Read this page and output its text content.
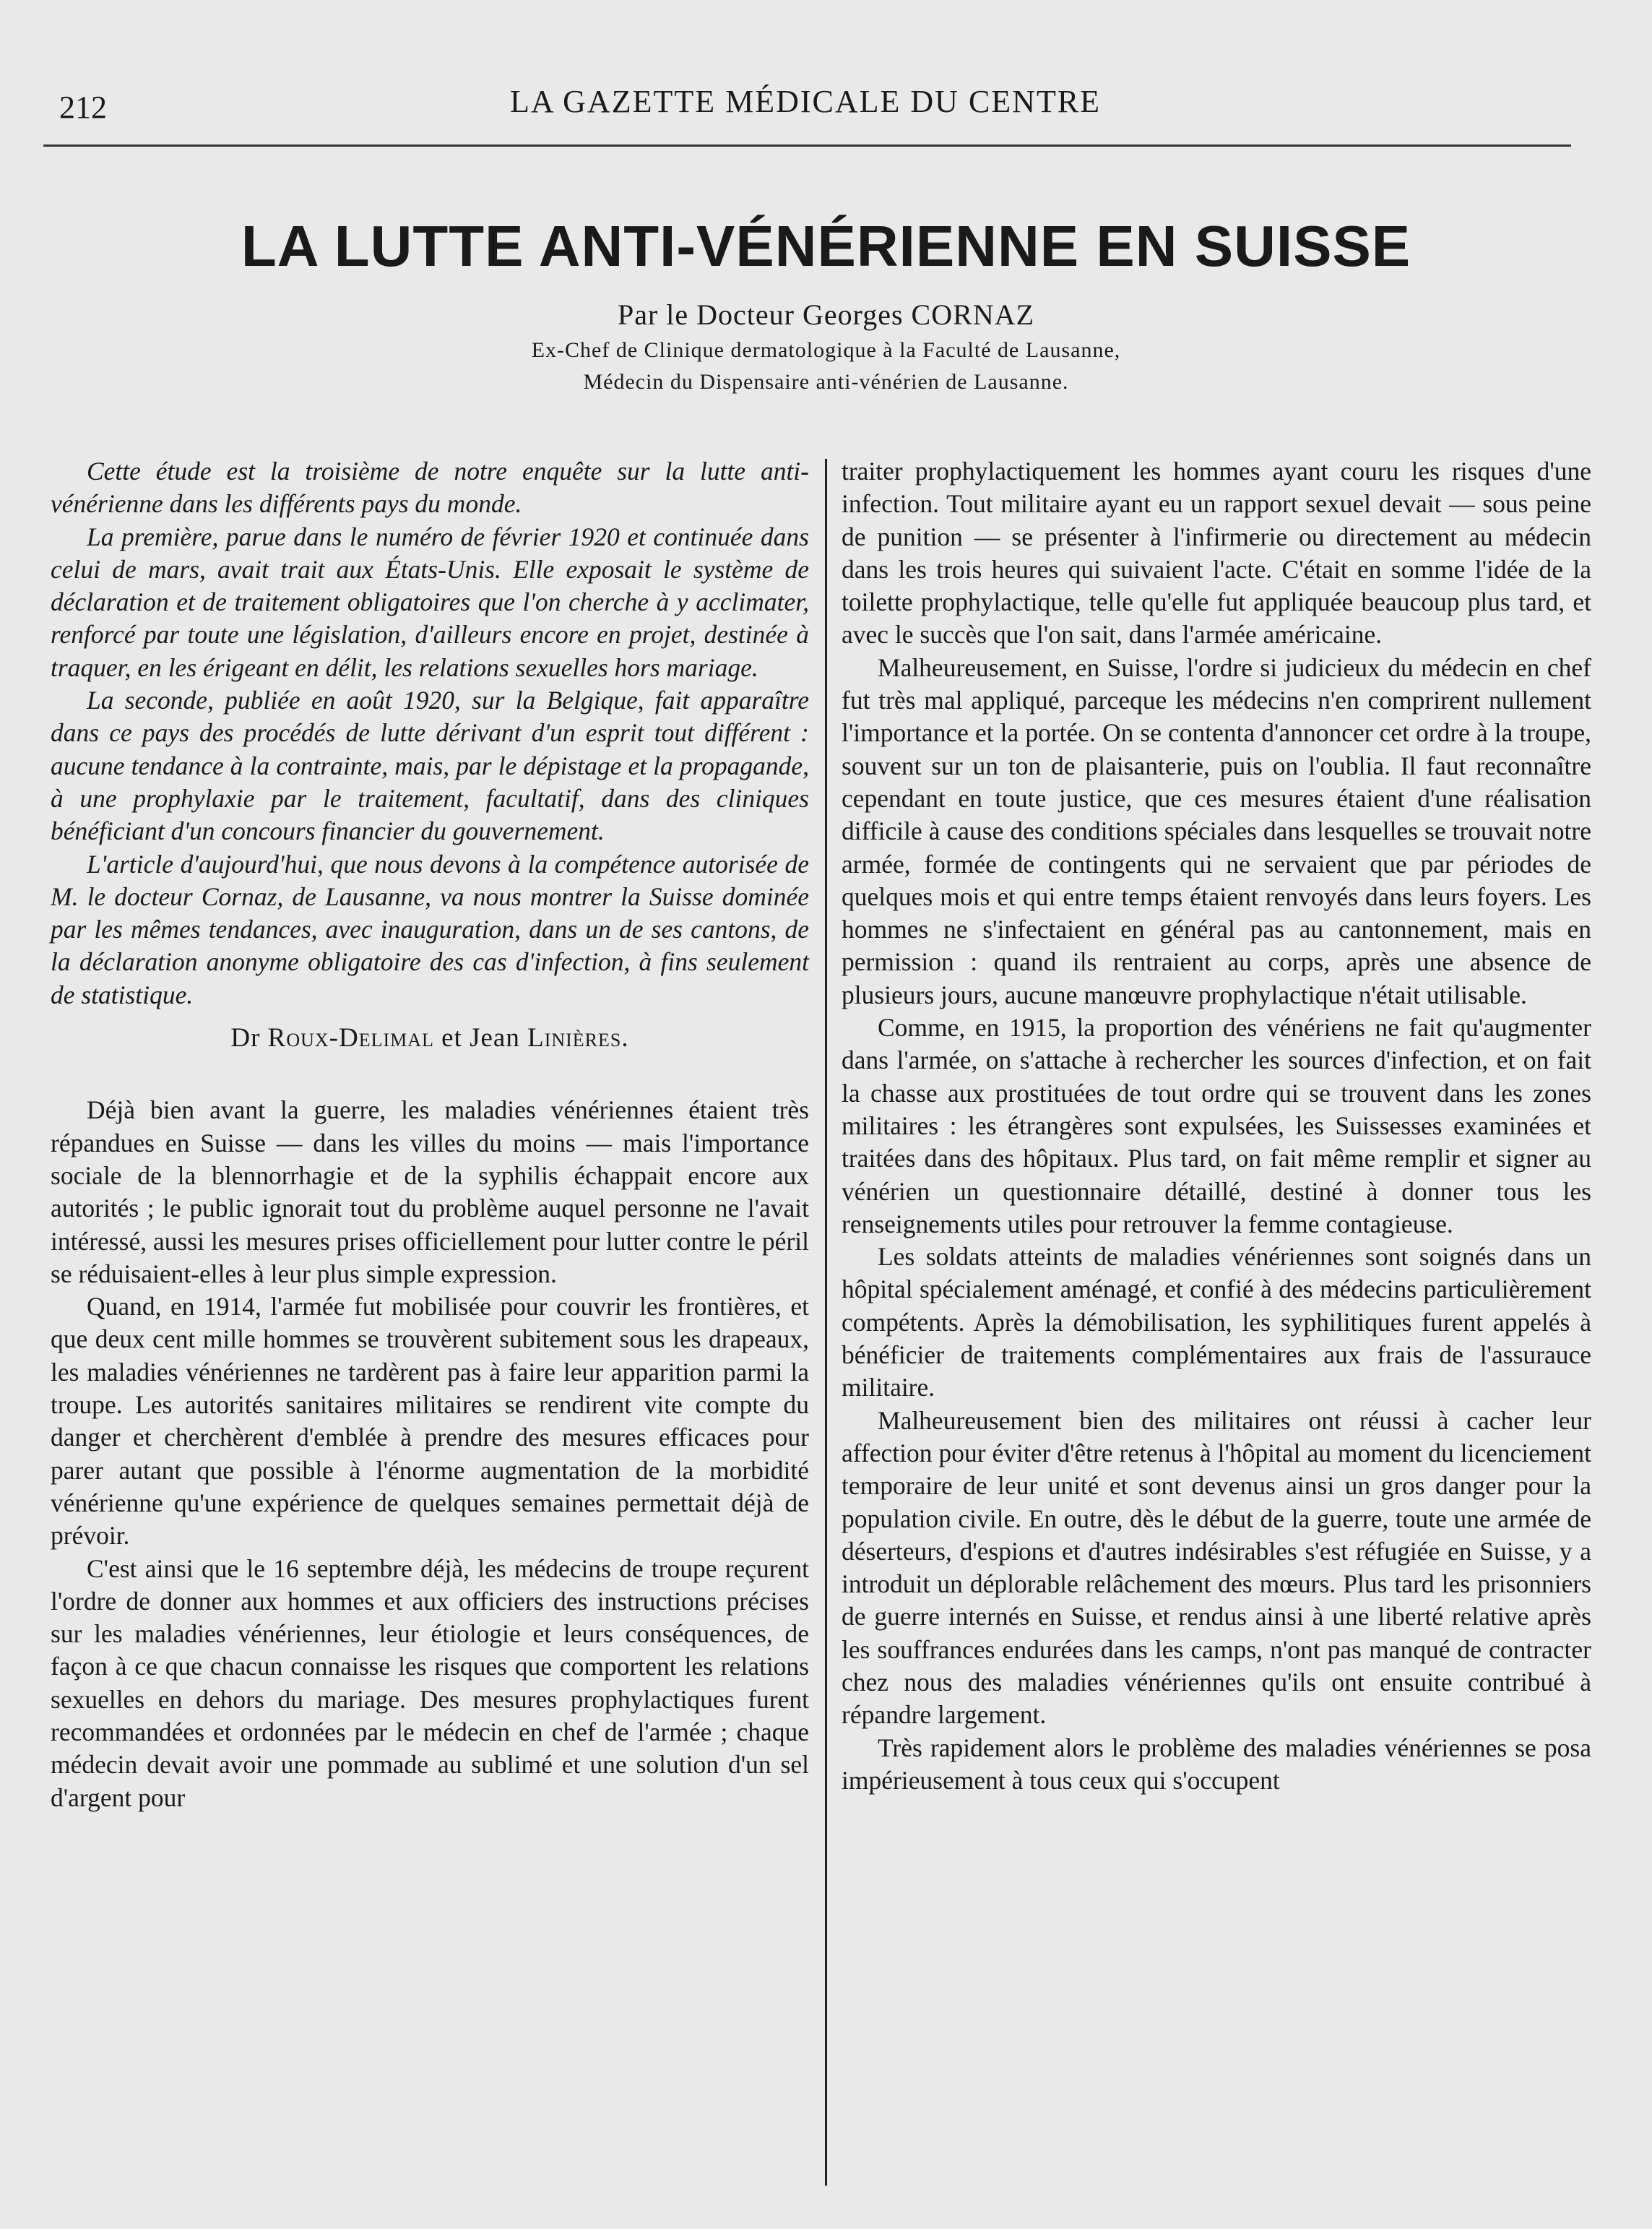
212	LA GAZETTE MÉDICALE DU CENTRE
LA LUTTE ANTI-VÉNÉRIENNE EN SUISSE
Par le Docteur Georges CORNAZ
Ex-Chef de Clinique dermatologique à la Faculté de Lausanne,
Médecin du Dispensaire anti-vénérien de Lausanne.

Cette étude est la troisième de notre enquête sur la lutte anti-vénérienne dans les différents pays du monde.

La première, parue dans le numéro de février 1920 et continuée dans celui de mars, avait trait aux États-Unis. Elle exposait le système de déclaration et de traitement obligatoires que l'on cherche à y acclimater, renforcé par toute une législation, d'ailleurs encore en projet, destinée à traquer, en les érigeant en délit, les relations sexuelles hors mariage.

La seconde, publiée en août 1920, sur la Belgique, fait apparaître dans ce pays des procédés de lutte dérivant d'un esprit tout différent : aucune tendance à la contrainte, mais, par le dépistage et la propagande, à une prophylaxie par le traitement, facultatif, dans des cliniques bénéficiant d'un concours financier du gouvernement.

L'article d'aujourd'hui, que nous devons à la compétence autorisée de M. le docteur Cornaz, de Lausanne, va nous montrer la Suisse dominée par les mêmes tendances, avec inauguration, dans un de ses cantons, de la déclaration anonyme obligatoire des cas d'infection, à fins seulement de statistique.

Dr Roux-Delimal et Jean Linières.

Déjà bien avant la guerre, les maladies vénériennes étaient très répandues en Suisse — dans les villes du moins — mais l'importance sociale de la blennorrhagie et de la syphilis échappait encore aux autorités ; le public ignorait tout du problème auquel personne ne l'avait intéressé, aussi les mesures prises officiellement pour lutter contre le péril se réduisaient-elles à leur plus simple expression.

Quand, en 1914, l'armée fut mobilisée pour couvrir les frontières, et que deux cent mille hommes se trouvèrent subitement sous les drapeaux, les maladies vénériennes ne tardèrent pas à faire leur apparition parmi la troupe. Les autorités sanitaires militaires se rendirent vite compte du danger et cherchèrent d'emblée à prendre des mesures efficaces pour parer autant que possible à l'énorme augmentation de la morbidité vénérienne qu'une expérience de quelques semaines permettait déjà de prévoir.

C'est ainsi que le 16 septembre déjà, les médecins de troupe reçurent l'ordre de donner aux hommes et aux officiers des instructions précises sur les maladies vénériennes, leur étiologie et leurs conséquences, de façon à ce que chacun connaisse les risques que comportent les relations sexuelles en dehors du mariage. Des mesures prophylactiques furent recommandées et ordonnées par le médecin en chef de l'armée ; chaque médecin devait avoir une pommade au sublimé et une solution d'un sel d'argent pour

traiter prophylactiquement les hommes ayant couru les risques d'une infection. Tout militaire ayant eu un rapport sexuel devait — sous peine de punition — se présenter à l'infirmerie ou directement au médecin dans les trois heures qui suivaient l'acte. C'était en somme l'idée de la toilette prophylactique, telle qu'elle fut appliquée beaucoup plus tard, et avec le succès que l'on sait, dans l'armée américaine.

Malheureusement, en Suisse, l'ordre si judicieux du médecin en chef fut très mal appliqué, parceque les médecins n'en comprirent nullement l'importance et la portée. On se contenta d'annoncer cet ordre à la troupe, souvent sur un ton de plaisanterie, puis on l'oublia. Il faut reconnaître cependant en toute justice, que ces mesures étaient d'une réalisation difficile à cause des conditions spéciales dans lesquelles se trouvait notre armée, formée de contingents qui ne servaient que par périodes de quelques mois et qui entre temps étaient renvoyés dans leurs foyers. Les hommes ne s'infectaient en général pas au cantonnement, mais en permission : quand ils rentraient au corps, après une absence de plusieurs jours, aucune manœuvre prophylactique n'était utilisable.

Comme, en 1915, la proportion des vénériens ne fait qu'augmenter dans l'armée, on s'attache à rechercher les sources d'infection, et on fait la chasse aux prostituées de tout ordre qui se trouvent dans les zones militaires : les étrangères sont expulsées, les Suissesses examinées et traitées dans des hôpitaux. Plus tard, on fait même remplir et signer au vénérien un questionnaire détaillé, destiné à donner tous les renseignements utiles pour retrouver la femme contagieuse.

Les soldats atteints de maladies vénériennes sont soignés dans un hôpital spécialement aménagé, et confié à des médecins particulièrement compétents. Après la démobilisation, les syphilitiques furent appelés à bénéficier de traitements complémentaires aux frais de l'assurauce militaire.

Malheureusement bien des militaires ont réussi à cacher leur affection pour éviter d'être retenus à l'hôpital au moment du licenciement temporaire de leur unité et sont devenus ainsi un gros danger pour la population civile. En outre, dès le début de la guerre, toute une armée de déserteurs, d'espions et d'autres indésirables s'est réfugiée en Suisse, y a introduit un déplorable relâchement des mœurs. Plus tard les prisonniers de guerre internés en Suisse, et rendus ainsi à une liberté relative après les souffrances endurées dans les camps, n'ont pas manqué de contracter chez nous des maladies vénériennes qu'ils ont ensuite contribué à répandre largement.

Très rapidement alors le problème des maladies vénériennes se posa impérieusement à tous ceux qui s'occupent
